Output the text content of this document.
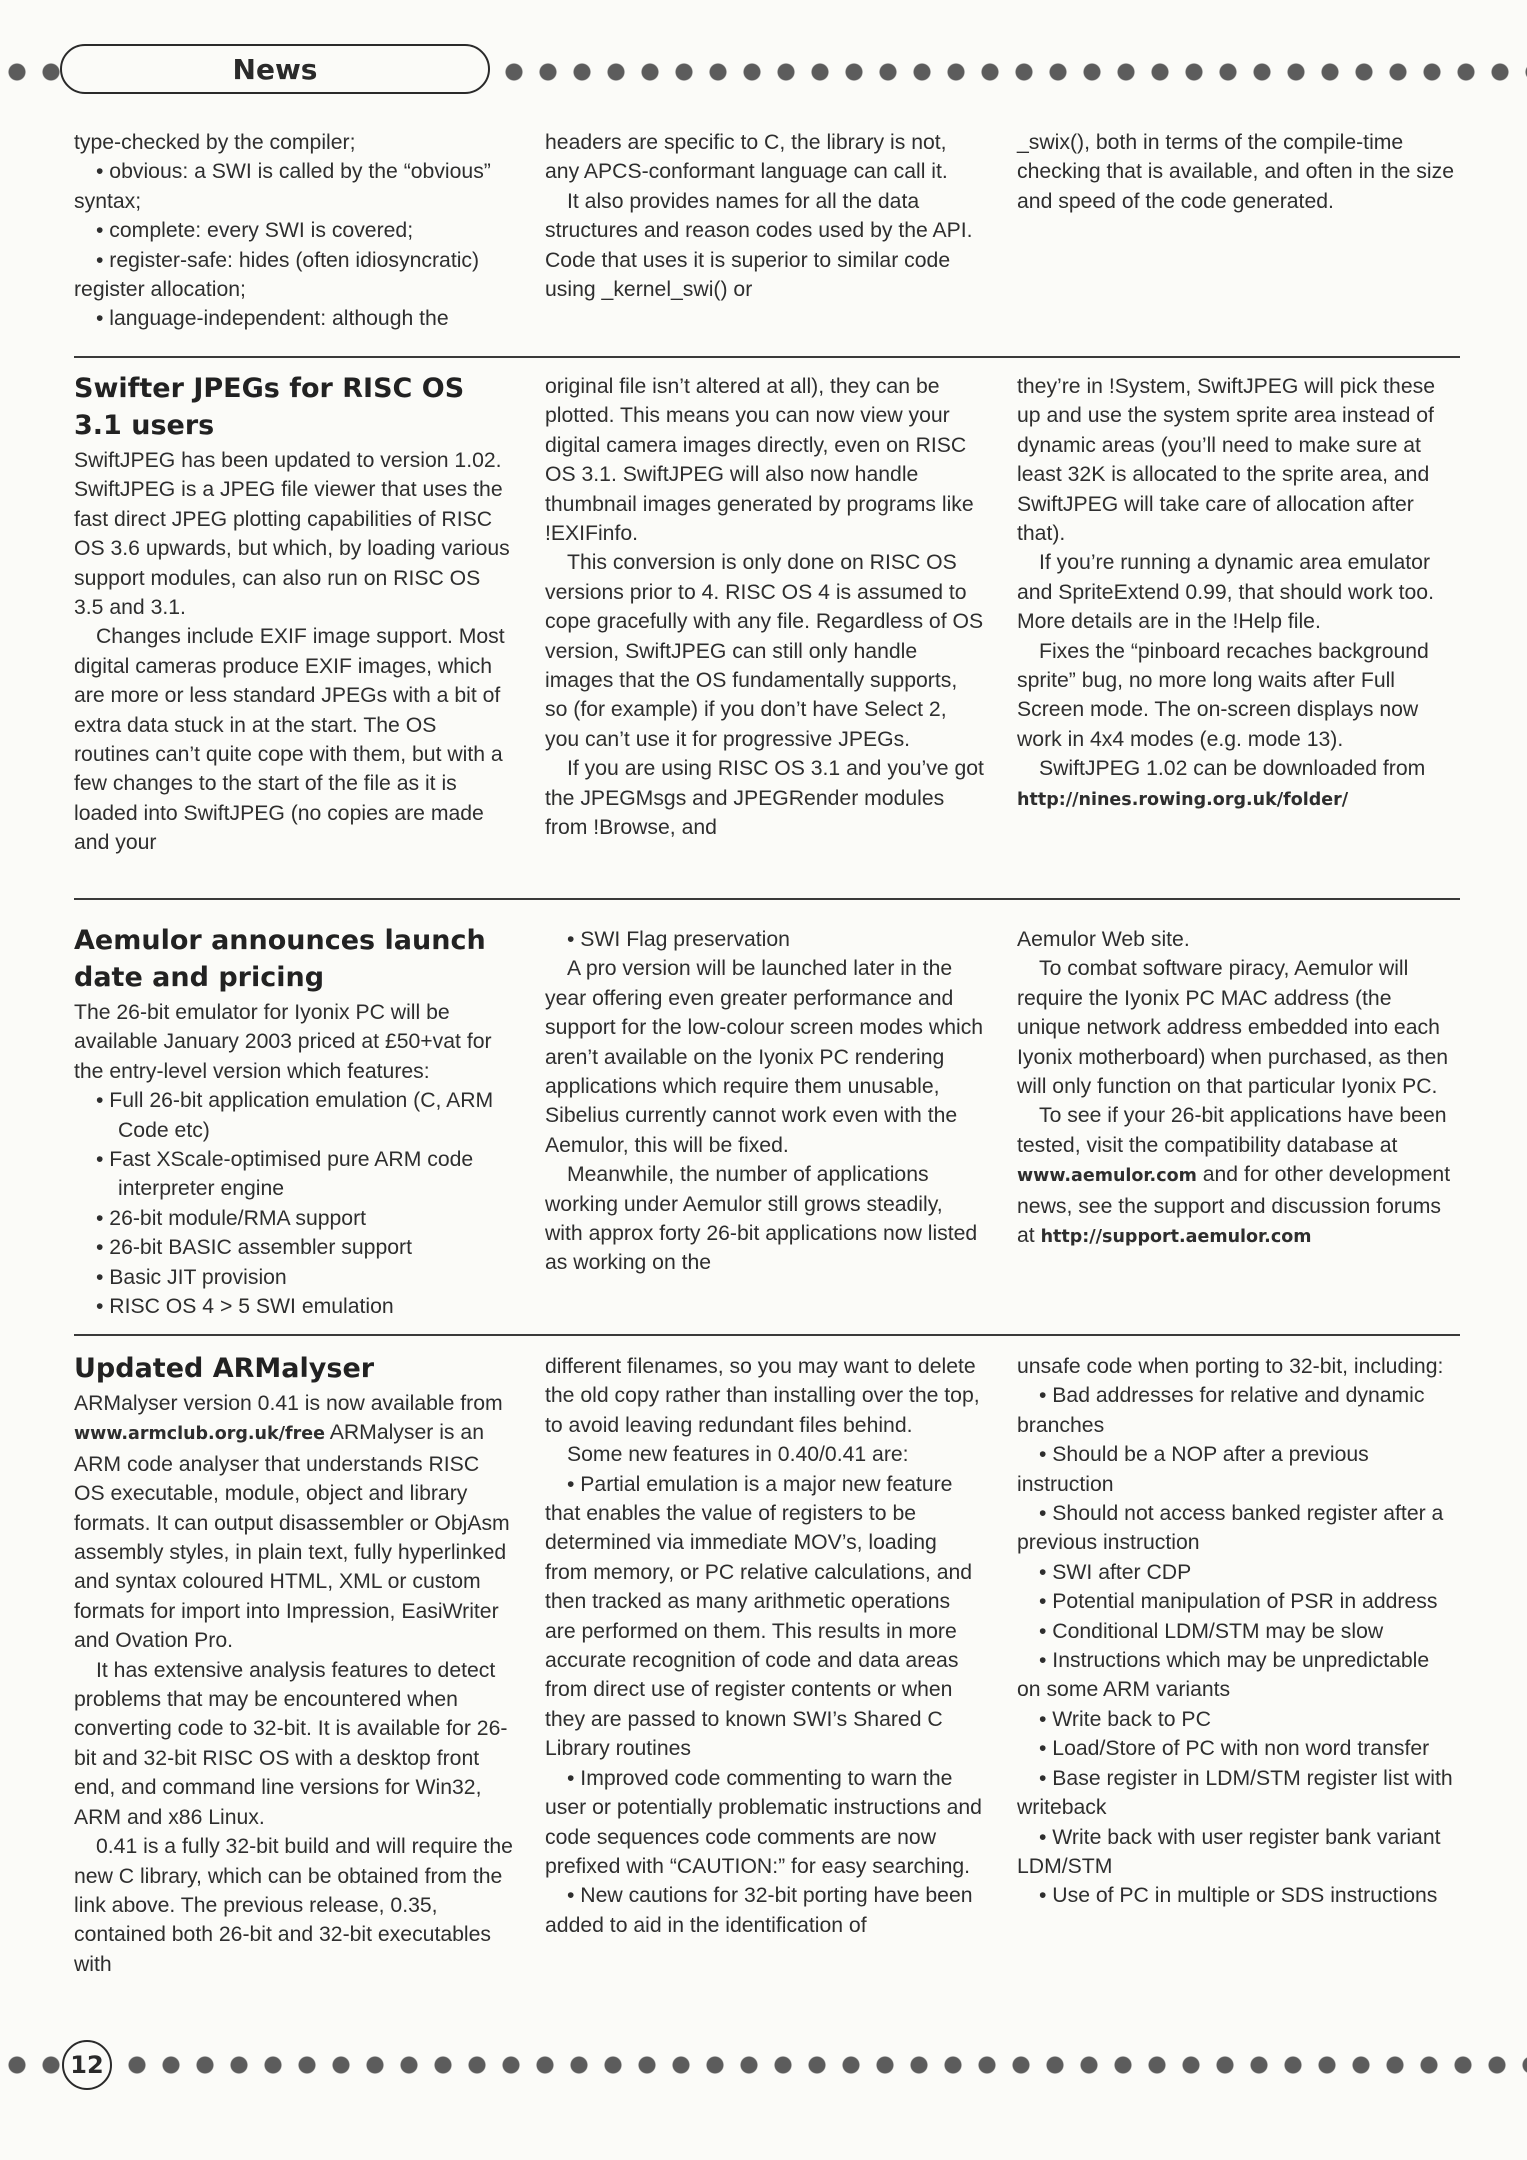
News

type-checked by the compiler;

• obvious: a SWI is called by the “obvious” syntax;

• complete: every SWI is covered;

• register-safe: hides (often idiosyncratic) register allocation;

• language-independent: although the

headers are specific to C, the library is not, any APCS-conformant language can call it.

It also provides names for all the data structures and reason codes used by the API. Code that uses it is superior to similar code using _kernel_swi() or

_swix(), both in terms of the compile-time checking that is available, and often in the size and speed of the code generated.

Swifter JPEGs for RISC OS 3.1 users

SwiftJPEG has been updated to version 1.02. SwiftJPEG is a JPEG file viewer that uses the fast direct JPEG plotting capabilities of RISC OS 3.6 upwards, but which, by loading various support modules, can also run on RISC OS 3.5 and 3.1.

Changes include EXIF image support. Most digital cameras produce EXIF images, which are more or less standard JPEGs with a bit of extra data stuck in at the start. The OS routines can’t quite cope with them, but with a few changes to the start of the file as it is loaded into SwiftJPEG (no copies are made and your

original file isn’t altered at all), they can be plotted. This means you can now view your digital camera images directly, even on RISC OS 3.1. SwiftJPEG will also now handle thumbnail images generated by programs like !EXIFinfo.

This conversion is only done on RISC OS versions prior to 4. RISC OS 4 is assumed to cope gracefully with any file. Regardless of OS version, SwiftJPEG can still only handle images that the OS fundamentally supports, so (for example) if you don’t have Select 2, you can’t use it for progressive JPEGs.

If you are using RISC OS 3.1 and you’ve got the JPEGMsgs and JPEGRender modules from !Browse, and

they’re in !System, SwiftJPEG will pick these up and use the system sprite area instead of dynamic areas (you’ll need to make sure at least 32K is allocated to the sprite area, and SwiftJPEG will take care of allocation after that).

If you’re running a dynamic area emulator and SpriteExtend 0.99, that should work too. More details are in the !Help file.

Fixes the “pinboard recaches background sprite” bug, no more long waits after Full Screen mode. The on-screen displays now work in 4x4 modes (e.g. mode 13).

SwiftJPEG 1.02 can be downloaded from http://nines.rowing.org.uk/folder/

Aemulor announces launch date and pricing

The 26-bit emulator for Iyonix PC will be available January 2003 priced at £50+vat for the entry-level version which features:

• Full 26-bit application emulation (C, ARM Code etc)

• Fast XScale-optimised pure ARM code interpreter engine

• 26-bit module/RMA support

• 26-bit BASIC assembler support

• Basic JIT provision

• RISC OS 4 > 5 SWI emulation

• SWI Flag preservation

A pro version will be launched later in the year offering even greater performance and support for the low-colour screen modes which aren’t available on the Iyonix PC rendering applications which require them unusable, Sibelius currently cannot work even with the Aemulor, this will be fixed.

Meanwhile, the number of applications working under Aemulor still grows steadily, with approx forty 26-bit applications now listed as working on the

Aemulor Web site.

To combat software piracy, Aemulor will require the Iyonix PC MAC address (the unique network address embedded into each Iyonix motherboard) when purchased, as then will only function on that particular Iyonix PC.

To see if your 26-bit applications have been tested, visit the compatibility database at www.aemulor.com and for other development news, see the support and discussion forums at http://support.aemulor.com

Updated ARMalyser

ARMalyser version 0.41 is now available from www.armclub.org.uk/free ARMalyser is an ARM code analyser that understands RISC OS executable, module, object and library formats. It can output disassembler or ObjAsm assembly styles, in plain text, fully hyperlinked and syntax coloured HTML, XML or custom formats for import into Impression, EasiWriter and Ovation Pro.

It has extensive analysis features to detect problems that may be encountered when converting code to 32-bit. It is available for 26-bit and 32-bit RISC OS with a desktop front end, and command line versions for Win32, ARM and x86 Linux.

0.41 is a fully 32-bit build and will require the new C library, which can be obtained from the link above. The previous release, 0.35, contained both 26-bit and 32-bit executables with

different filenames, so you may want to delete the old copy rather than installing over the top, to avoid leaving redundant files behind.

Some new features in 0.40/0.41 are:

• Partial emulation is a major new feature that enables the value of registers to be determined via immediate MOV’s, loading from memory, or PC relative calculations, and then tracked as many arithmetic operations are performed on them. This results in more accurate recognition of code and data areas from direct use of register contents or when they are passed to known SWI’s Shared C Library routines

• Improved code commenting to warn the user or potentially problematic instructions and code sequences code comments are now prefixed with “CAUTION:” for easy searching.

• New cautions for 32-bit porting have been added to aid in the identification of

unsafe code when porting to 32-bit, including:

• Bad addresses for relative and dynamic branches

• Should be a NOP after a previous instruction

• Should not access banked register after a previous instruction

• SWI after CDP

• Potential manipulation of PSR in address

• Conditional LDM/STM may be slow

• Instructions which may be unpredictable on some ARM variants

• Write back to PC

• Load/Store of PC with non word transfer

• Base register in LDM/STM register list with writeback

• Write back with user register bank variant LDM/STM

• Use of PC in multiple or SDS instructions

12
